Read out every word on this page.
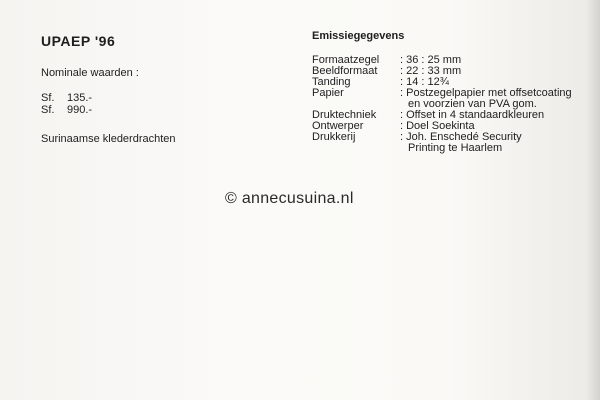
UPAEP '96
Nominale waarden :
Sf.	135.-
Sf.	990.-
Surinaamse klederdrachten
Emissiegegevens
Formaatzegel	: 36 : 25 mm
Beeldformaat	: 22 : 33 mm
Tanding	: 14 : 12¾
Papier	: Postzegelpapier met offsetcoating
en voorzien van PVA gom.
Druktechniek	: Offset in 4 standaardkleuren
Ontwerper	: Doel Soekinta
Drukkerij	: Joh. Enschedé Security
Printing te Haarlem
© annecusuina.nl
